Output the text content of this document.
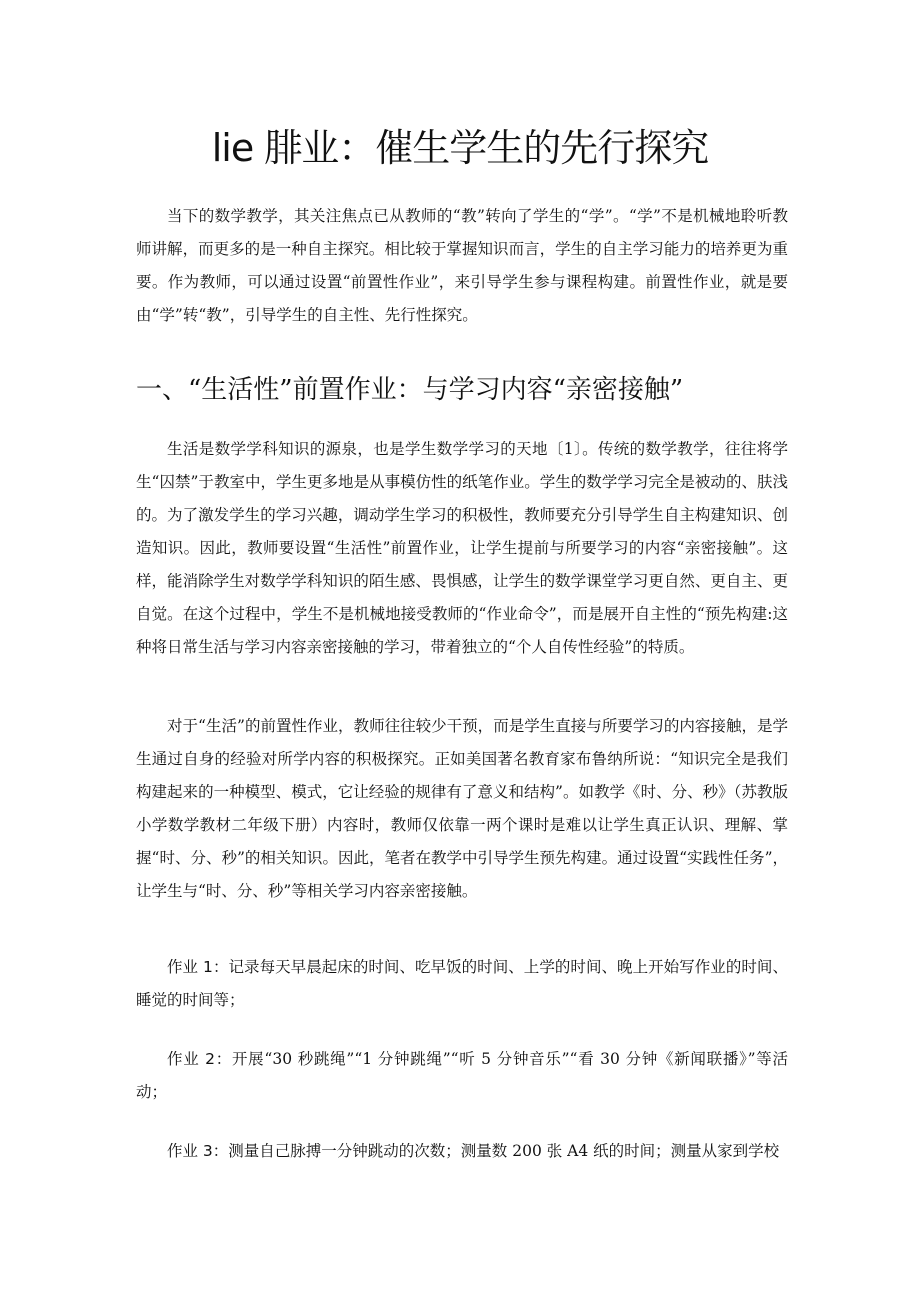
lie 腓业：催生学生的先行探究

当下的数学教学，其关注焦点已从教师的“教”转向了学生的“学”。“学”不是机械地聆听教师讲解，而更多的是一种自主探究。相比较于掌握知识而言，学生的自主学习能力的培养更为重要。作为教师，可以通过设置“前置性作业”，来引导学生参与课程构建。前置性作业，就是要由“学”转“教”，引导学生的自主性、先行性探究。

一、“生活性”前置作业：与学习内容“亲密接触”

生活是数学学科知识的源泉，也是学生数学学习的天地〔1〕。传统的数学教学，往往将学生“囚禁”于教室中，学生更多地是从事模仿性的纸笔作业。学生的数学学习完全是被动的、肤浅的。为了激发学生的学习兴趣，调动学生学习的积极性，教师要充分引导学生自主构建知识、创造知识。因此，教师要设置“生活性”前置作业，让学生提前与所要学习的内容“亲密接触”。这样，能消除学生对数学学科知识的陌生感、畏惧感，让学生的数学课堂学习更自然、更自主、更自觉。在这个过程中，学生不是机械地接受教师的“作业命令”，而是展开自主性的“预先构建:这种将日常生活与学习内容亲密接触的学习，带着独立的“个人自传性经验”的特质。

对于“生活”的前置性作业，教师往往较少干预，而是学生直接与所要学习的内容接触，是学生通过自身的经验对所学内容的积极探究。正如美国著名教育家布鲁纳所说：“知识完全是我们构建起来的一种模型、模式，它让经验的规律有了意义和结构”。如教学《时、分、秒》（苏教版小学数学教材二年级下册）内容时，教师仅依靠一两个课时是难以让学生真正认识、理解、掌握“时、分、秒”的相关知识。因此，笔者在教学中引导学生预先构建。通过设置“实践性任务”，让学生与“时、分、秒”等相关学习内容亲密接触。

作业 1：记录每天早晨起床的时间、吃早饭的时间、上学的时间、晚上开始写作业的时间、睡觉的时间等；

作业 2：开展“30 秒跳绳”“1 分钟跳绳”“听 5 分钟音乐”“看 30 分钟《新闻联播》”等活动；

作业 3：测量自己脉搏一分钟跳动的次数；测量数 200 张 A4 纸的时间；测量从家到学校
